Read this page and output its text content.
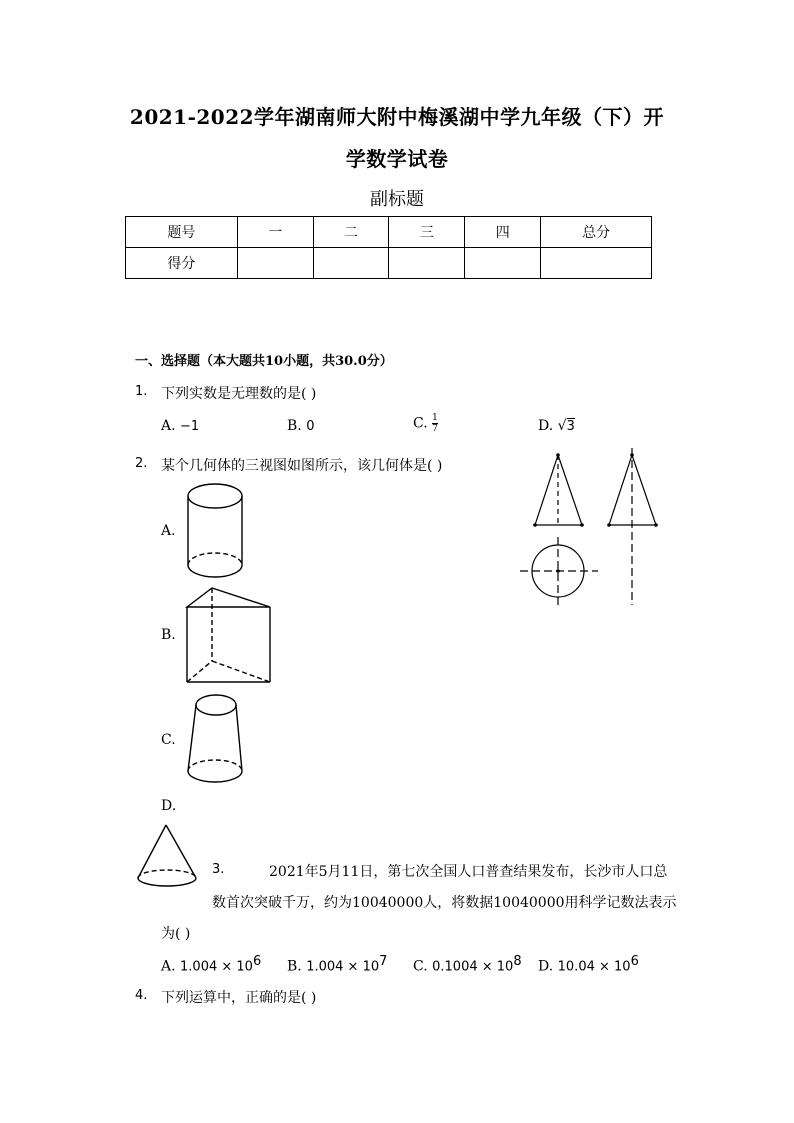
2021-2022学年湖南师大附中梅溪湖中学九年级（下）开
学数学试卷
副标题
题号	一	二	三	四	总分
得分					
一、选择题（本大题共10小题，共30.0分）
1. 下列实数是无理数的是( )
A. −1	B. 0	C. $\frac{1}{7}$	D. √3
2. 某个几何体的三视图如图所示，该几何体是( )
A.
B.
C.
D.
3.	2021年5月11日，第七次全国人口普查结果发布，长沙市人口总
数首次突破千万，约为10040000人，将数据10040000用科学记数法表示
为( )
A. $1.004 \times 10^6$ B. $1.004 \times 10^7$ C. $0.1004 \times 10^8$ D. $10.04 \times 10^6$
4. 下列运算中，正确的是( )
